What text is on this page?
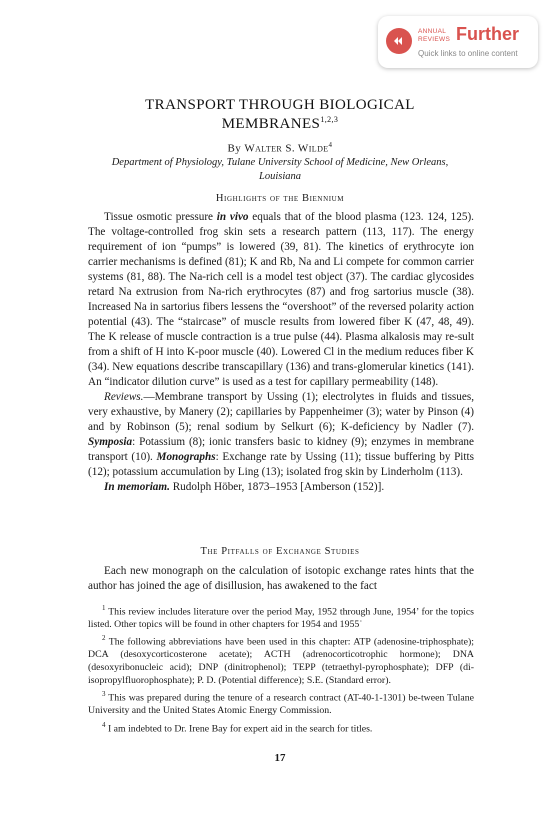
ANNUAL
REVIEWS Further
Quick links to online content
TRANSPORT THROUGH BIOLOGICAL
MEMBRANES$^{1,2,3}$
By Walter S. Wilde$^4$
Department of Physiology, Tulane University School of Medicine, New Orleans,
Louisiana
Highlights of the Biennium

Tissue osmotic pressure in vivo equals that of the blood plasma (123. 124, 125). The voltage-controlled frog skin sets a research pattern (113, 117). The energy requirement of ion “pumps” is lowered (39, 81). The kinetics of erythrocyte ion carrier mechanisms is defined (81); K and Rb, Na and Li compete for common carrier systems (81, 88). The Na-rich cell is a model test object (37). The cardiac glycosides retard Na extrusion from Na-rich erythrocytes (87) and frog sartorius muscle (38). Increased Na in sartorius fibers lessens the “overshoot” of the reversed polarity action potential (43). The “staircase” of muscle results from lowered fiber K (47, 48, 49). The K release of muscle contraction is a true pulse (44). Plasma alkalosis may re-sult from a shift of H into K-poor muscle (40). Lowered Cl in the medium reduces fiber K (34). New equations describe transcapillary (136) and trans-glomerular kinetics (141). An “indicator dilution curve” is used as a test for capillary permeability (148).

Reviews.—Membrane transport by Ussing (1); electrolytes in fluids and tissues, very exhaustive, by Manery (2); capillaries by Pappenheimer (3); water by Pinson (4) and by Robinson (5); renal sodium by Selkurt (6); K-deficiency by Nadler (7). Symposia: Potassium (8); ionic transfers basic to kidney (9); enzymes in membrane transport (10). Monographs: Exchange rate by Ussing (11); tissue buffering by Pitts (12); potassium accumulation by Ling (13); isolated frog skin by Linderholm (113).

In memoriam. Rudolph Höber, 1873–1953 [Amberson (152)].

The Pitfalls of Exchange Studies

Each new monograph on the calculation of isotopic exchange rates hints that the author has joined the age of disillusion, has awakened to the fact

$^1$ This review includes literature over the period May, 1952 through June, 1954’ for the topics listed. Other topics will be found in other chapters for 1954 and 1955˙

$^2$ The following abbreviations have been used in this chapter: ATP (adenosine-triphosphate); DCA (desoxycorticosterone acetate); ACTH (adrenocorticotrophic hormone); DNA (desoxyribonucleic acid); DNP (dinitrophenol); TEPP (tetraethyl-pyrophosphate); DFP (di-isopropylfluorophosphate); P. D. (Potential difference); S.E. (Standard error).

$^3$ This was prepared during the tenure of a research contract (AT-40-1-1301) be-tween Tulane University and the United States Atomic Energy Commission.

$^4$ I am indebted to Dr. Irene Bay for expert aid in the search for titles.

17
